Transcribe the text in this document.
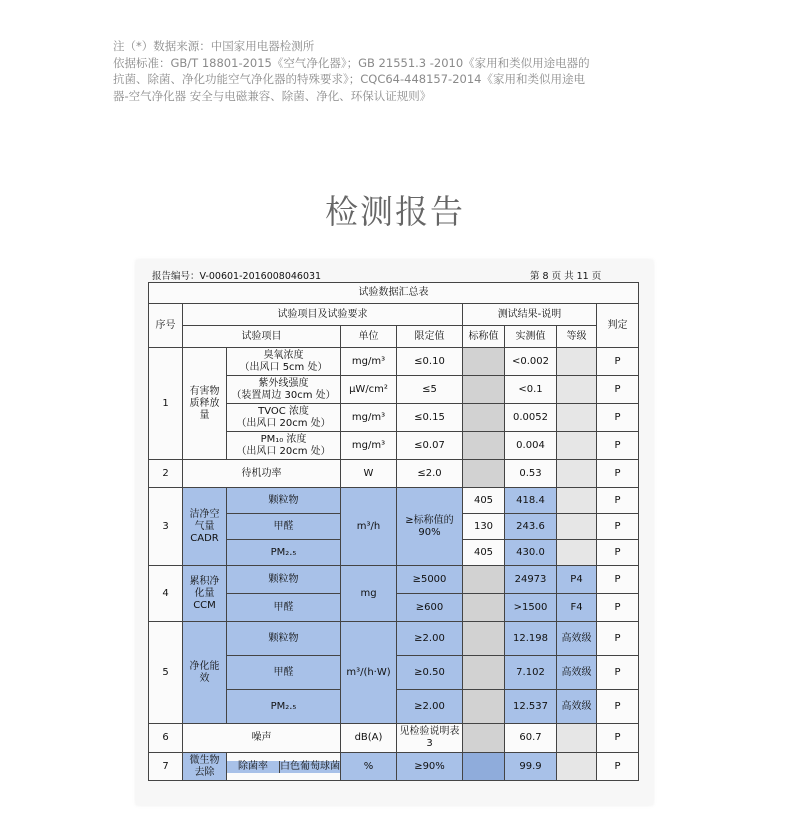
注（*）数据来源：中国家用电器检测所
依据标准：GB/T 18801-2015《空气净化器》；GB 21551.3 -2010《家用和类似用途电器的
抗菌、除菌、净化功能空气净化器的特殊要求》；CQC64-448157-2014《家用和类似用途电
器-空气净化器 安全与电磁兼容、除菌、净化、环保认证规则》
检测报告
报告编号：V-00601-2016008046031	第 8 页 共 11 页
试验数据汇总表								
序号	试验项目及试验要求				测试结果-说明			判定
	试验项目		单位	限定值	标称值	实测值	等级	
1	有害物质释放量	臭氧浓度
（出风口 5cm 处）	mg/m³	≤0.10		<0.002		P

		紫外线强度
（装置周边 30cm 处）	μW/cm²	≤5		<0.1		P

		TVOC 浓度
（出风口 20cm 处）	mg/m³	≤0.15		0.0052		P

		PM₁₀ 浓度
（出风口 20cm 处）	mg/m³	≤0.07		0.004		P
2	待机功率		W	≤2.0		0.53		P
3	洁净空气量CADR	颗粒物	m³/h	≥标称值的90%	405	418.4		P
		甲醛			130	243.6		P
		PM₂.₅			405	430.0		P
4	累积净化量CCM	颗粒物	mg	≥5000		24973	P4	P
		甲醛		≥600		>1500	F4	P
5	净化能效	颗粒物	m³/(h·W)	≥2.00		12.198	高效级	P
		甲醛		≥0.50		7.102	高效级	P
		PM₂.₅		≥2.00		12.537	高效级	P
6	噪声		dB(A)	见检验说明表 3		60.7		P
7	微生物去除	除菌率 白色葡萄球菌	%	≥90%		99.9		P
